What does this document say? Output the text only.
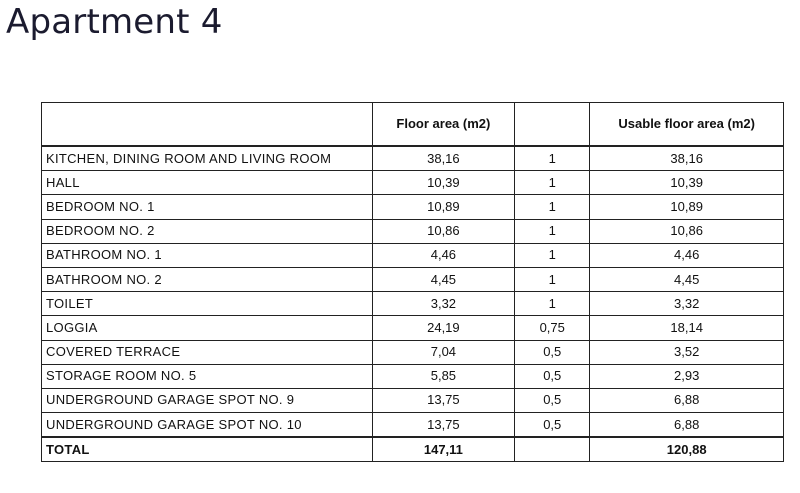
Apartment 4
	Floor area (m2)		Usable floor area (m2)
KITCHEN, DINING ROOM AND LIVING ROOM	38,16	1	38,16
HALL	10,39	1	10,39
BEDROOM NO. 1	10,89	1	10,89
BEDROOM NO. 2	10,86	1	10,86
BATHROOM NO. 1	4,46	1	4,46
BATHROOM NO. 2	4,45	1	4,45
TOILET	3,32	1	3,32
LOGGIA	24,19	0,75	18,14
COVERED TERRACE	7,04	0,5	3,52
STORAGE ROOM NO. 5	5,85	0,5	2,93
UNDERGROUND GARAGE SPOT NO. 9	13,75	0,5	6,88
UNDERGROUND GARAGE SPOT NO. 10	13,75	0,5	6,88
TOTAL	147,11		120,88
